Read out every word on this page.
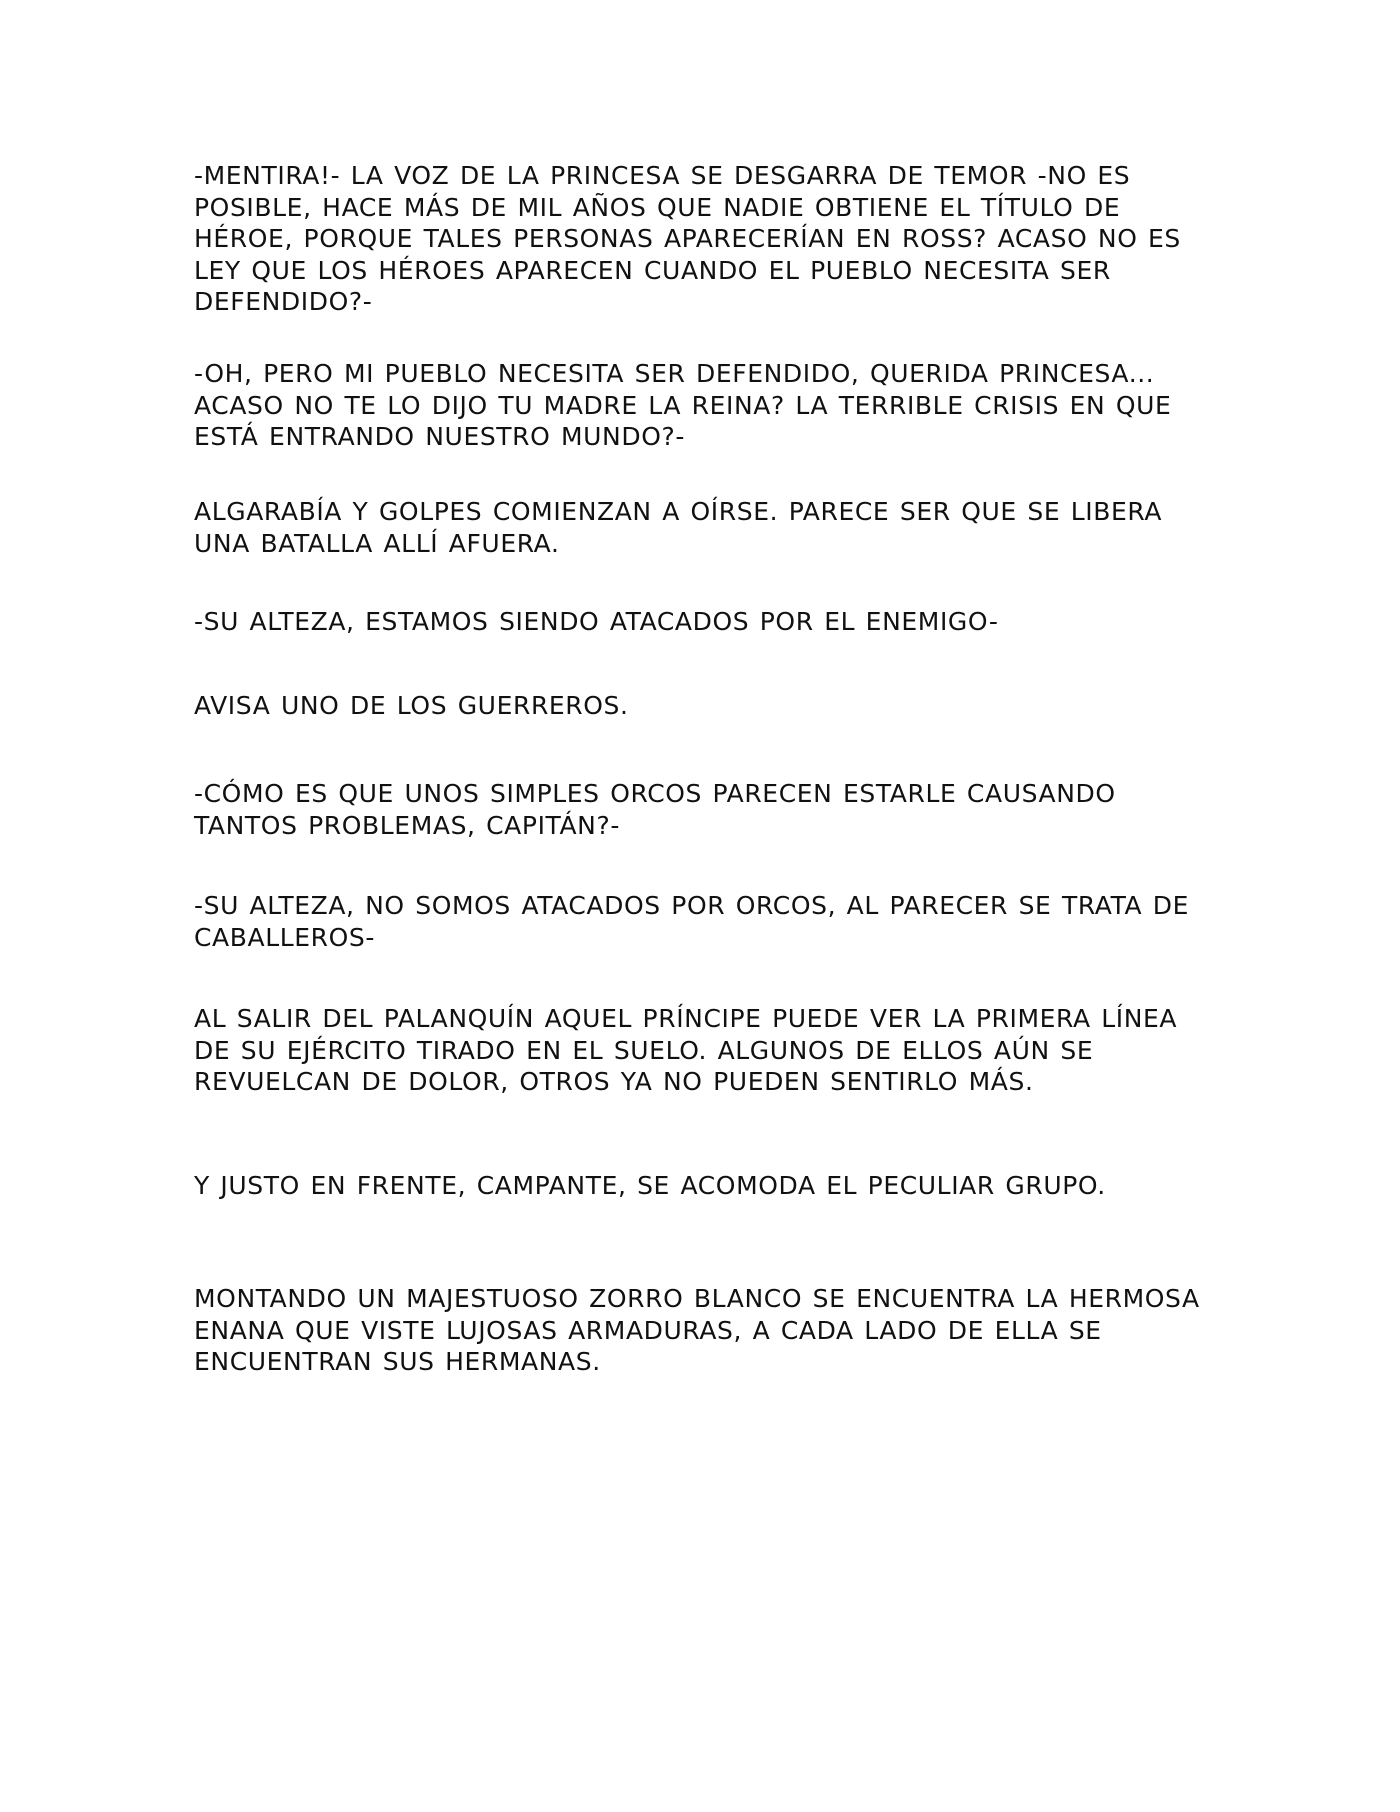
-MENTIRA!- LA VOZ DE LA PRINCESA SE DESGARRA DE TEMOR -NO ES POSIBLE, HACE MÁS DE MIL AÑOS QUE NADIE OBTIENE EL TÍTULO DE HÉROE, PORQUE TALES PERSONAS APARECERÍAN EN ROSS? ACASO NO ES LEY QUE LOS HÉROES APARECEN CUANDO EL PUEBLO NECESITA SER DEFENDIDO?-

-OH, PERO MI PUEBLO NECESITA SER DEFENDIDO, QUERIDA PRINCESA... ACASO NO TE LO DIJO TU MADRE LA REINA? LA TERRIBLE CRISIS EN QUE ESTÁ ENTRANDO NUESTRO MUNDO?-

ALGARABÍA Y GOLPES COMIENZAN A OÍRSE. PARECE SER QUE SE LIBERA UNA BATALLA ALLÍ AFUERA.

-SU ALTEZA, ESTAMOS SIENDO ATACADOS POR EL ENEMIGO-

AVISA UNO DE LOS GUERREROS.

-CÓMO ES QUE UNOS SIMPLES ORCOS PARECEN ESTARLE CAUSANDO TANTOS PROBLEMAS, CAPITÁN?-

-SU ALTEZA, NO SOMOS ATACADOS POR ORCOS, AL PARECER SE TRATA DE CABALLEROS-

AL SALIR DEL PALANQUÍN AQUEL PRÍNCIPE PUEDE VER LA PRIMERA LÍNEA DE SU EJÉRCITO TIRADO EN EL SUELO. ALGUNOS DE ELLOS AÚN SE REVUELCAN DE DOLOR, OTROS YA NO PUEDEN SENTIRLO MÁS.

Y JUSTO EN FRENTE, CAMPANTE, SE ACOMODA EL PECULIAR GRUPO.

MONTANDO UN MAJESTUOSO ZORRO BLANCO SE ENCUENTRA LA HERMOSA ENANA QUE VISTE LUJOSAS ARMADURAS, A CADA LADO DE ELLA SE ENCUENTRAN SUS HERMANAS.
